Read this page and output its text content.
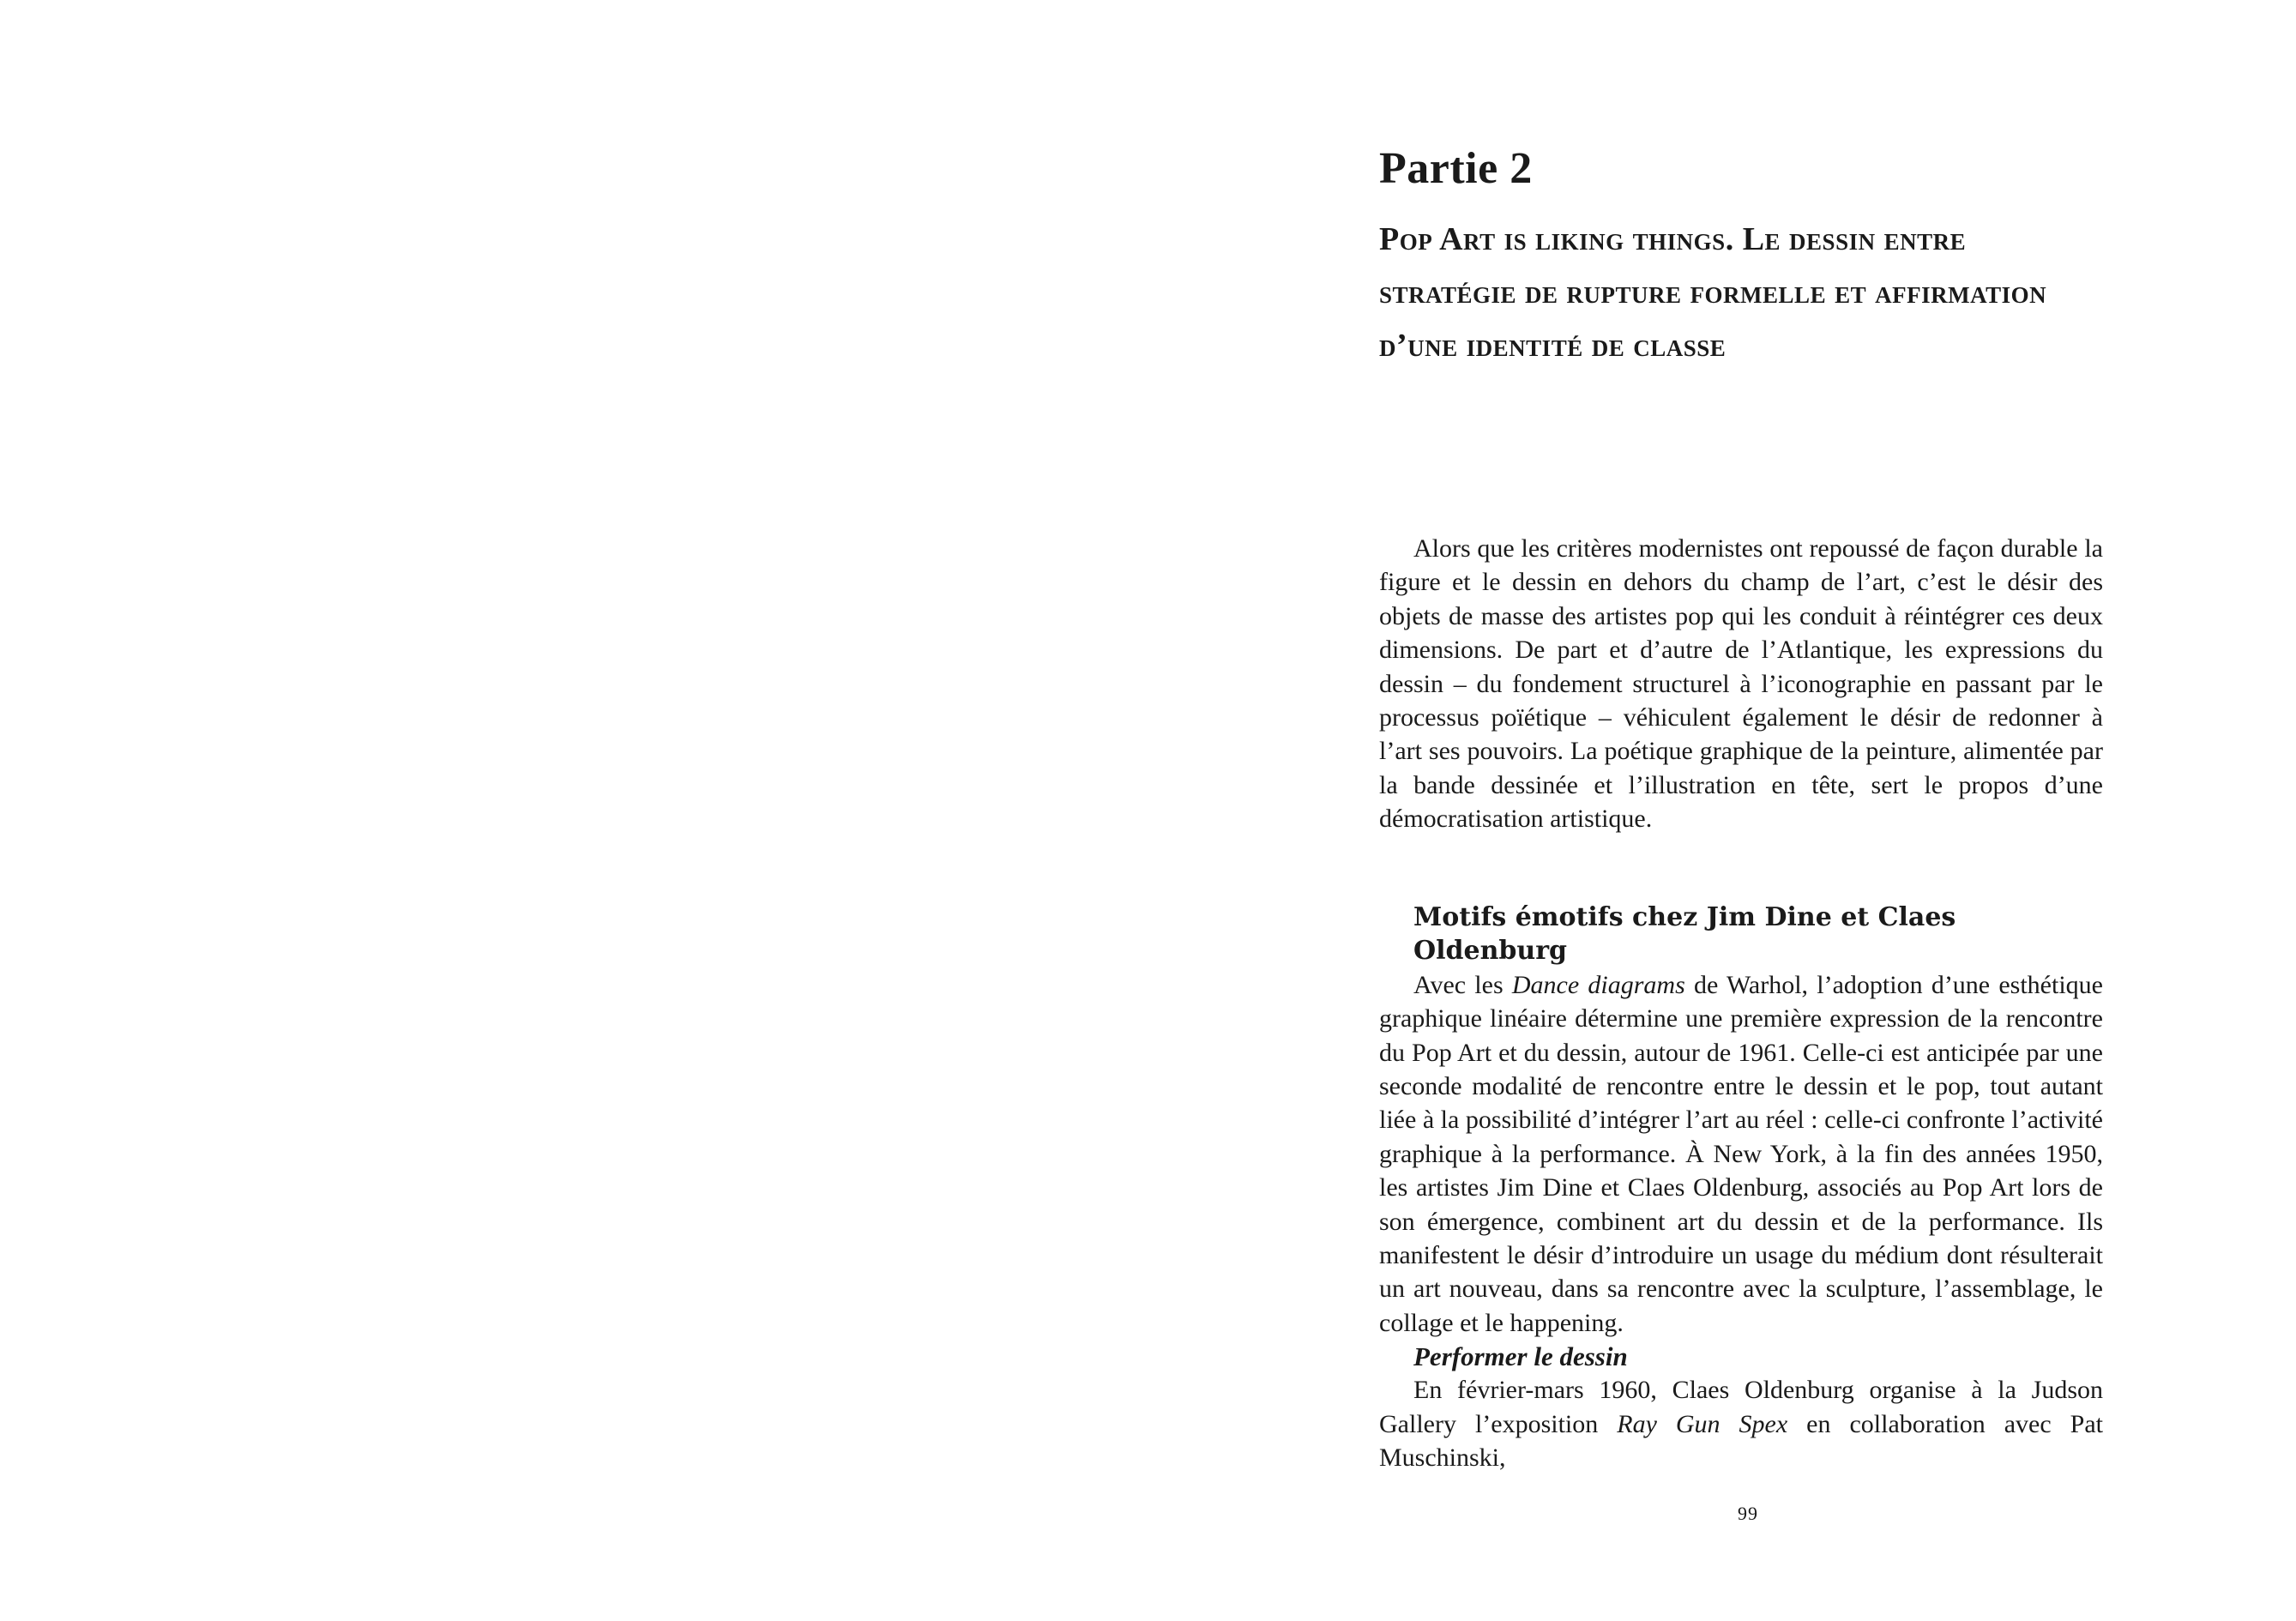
Partie 2
Pop Art is liking things. Le dessin entre stratégie de rupture formelle et affirmation d’une identité de classe

Alors que les critères modernistes ont repoussé de façon durable la figure et le dessin en dehors du champ de l’art, c’est le désir des objets de masse des artistes pop qui les conduit à réintégrer ces deux dimensions. De part et d’autre de l’Atlantique, les expressions du dessin – du fondement structurel à l’iconographie en passant par le processus poïétique – véhiculent également le désir de redonner à l’art ses pouvoirs. La poétique graphique de la peinture, alimentée par la bande dessinée et l’illustration en tête, sert le propos d’une démocratisation artistique.

Motifs émotifs chez Jim Dine et Claes Oldenburg

Avec les Dance diagrams de Warhol, l’adoption d’une esthétique graphique linéaire détermine une première expression de la rencontre du Pop Art et du dessin, autour de 1961. Celle-ci est anticipée par une seconde modalité de rencontre entre le dessin et le pop, tout autant liée à la possibilité d’intégrer l’art au réel : celle-ci confronte l’activité graphique à la performance. À New York, à la fin des années 1950, les artistes Jim Dine et Claes Oldenburg, associés au Pop Art lors de son émergence, combinent art du dessin et de la performance. Ils manifestent le désir d’introduire un usage du médium dont résulterait un art nouveau, dans sa rencontre avec la sculpture, l’assemblage, le collage et le happening.

Performer le dessin

En février-mars 1960, Claes Oldenburg organise à la Judson Gallery l’exposition Ray Gun Spex en collaboration avec Pat Muschinski,

99
